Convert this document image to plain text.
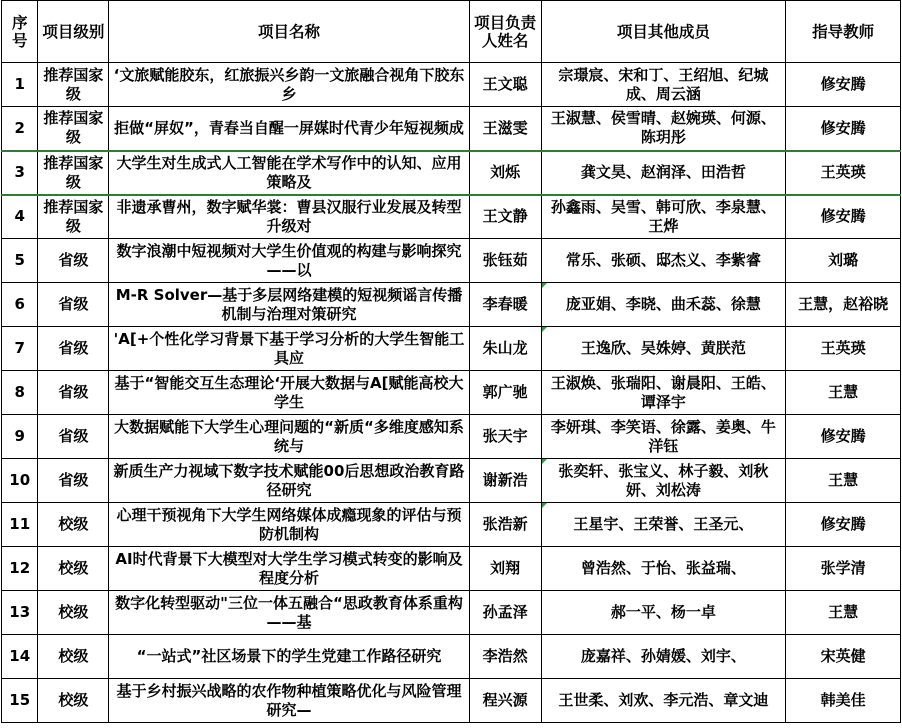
序号	项目级别	项目名称	项目负责人姓名	项目其他成员	指导教师
1	推荐国家级	‘文旅赋能胶东，红旅振兴乡韵一文旅融合视角下胶东乡	王文聪	宗璟宸、宋和丁、王绍旭、纪城成、周云涵	修安腾
2	推荐国家级	拒做“屏奴”，青春当自醒一屏媒时代青少年短视频成	王滋雯	王淑慧、侯雪晴、赵婉瑛、何源、陈玥彤	修安腾
3	推荐国家级	大学生对生成式人工智能在学术写作中的认知、应用策略及	刘烁	龚文昊、赵润泽、田浩哲	王英瑛
4	推荐国家级	非遗承曹州，数字赋华裳：曹县汉服行业发展及转型升级对	王文静	孙鑫雨、吴雪、韩可欣、李泉慧、王烨	修安腾
5	省级	数字浪潮中短视频对大学生价值观的构建与影响探究——以	张钰茹	常乐、张硕、邸杰义、李紫睿	刘璐
6	省级	M-R Solver—基于多层网络建模的短视频谣言传播机制与治理对策研究	李春暖	庞亚娟、李晓、曲禾蕊、徐慧	王慧，赵裕晓
7	省级	'A[+个性化学习背景下基于学习分析的大学生智能工具应	朱山龙	王逸欣、吴姝婷、黄朕范	王英瑛
8	省级	基于“智能交互生态理论‘开展大数据与A[赋能高校大学生	郭广驰	王淑焕、张瑞阳、谢晨阳、王皓、谭泽宇	王慧
9	省级	大数据赋能下大学生心理问题的“新质“多维度感知系统与	张天宇	李妍琪、李笑语、徐露、姜奥、牛洋钰	修安腾
10	省级	新质生产力视域下数字技术赋能00后思想政治教育路径研究	谢新浩	张奕轩、张宝义、林子毅、刘秋妍、刘松涛	王慧
11	校级	心理干预视角下大学生网络媒体成瘾现象的评估与预防机制构	张浩新	王星宇、王荣誉、王圣元、	修安腾
12	校级	AI时代背景下大模型对大学生学习模式转变的影响及程度分析	刘翔	曾浩然、于怡、张益瑞、	张学清
13	校级	数字化转型驱动"三位一体五融合“思政教育体系重构——基	孙孟泽	郝一平、杨一卓	王慧
14	校级	“一站式”社区场景下的学生党建工作路径研究	李浩然	庞嘉祥、孙婧媛、刘宇、	宋英健
15	校级	基于乡村振兴战略的农作物种植策略优化与风险管理研究—	程兴源	王世柔、刘欢、李元浩、章文迪	韩美佳
